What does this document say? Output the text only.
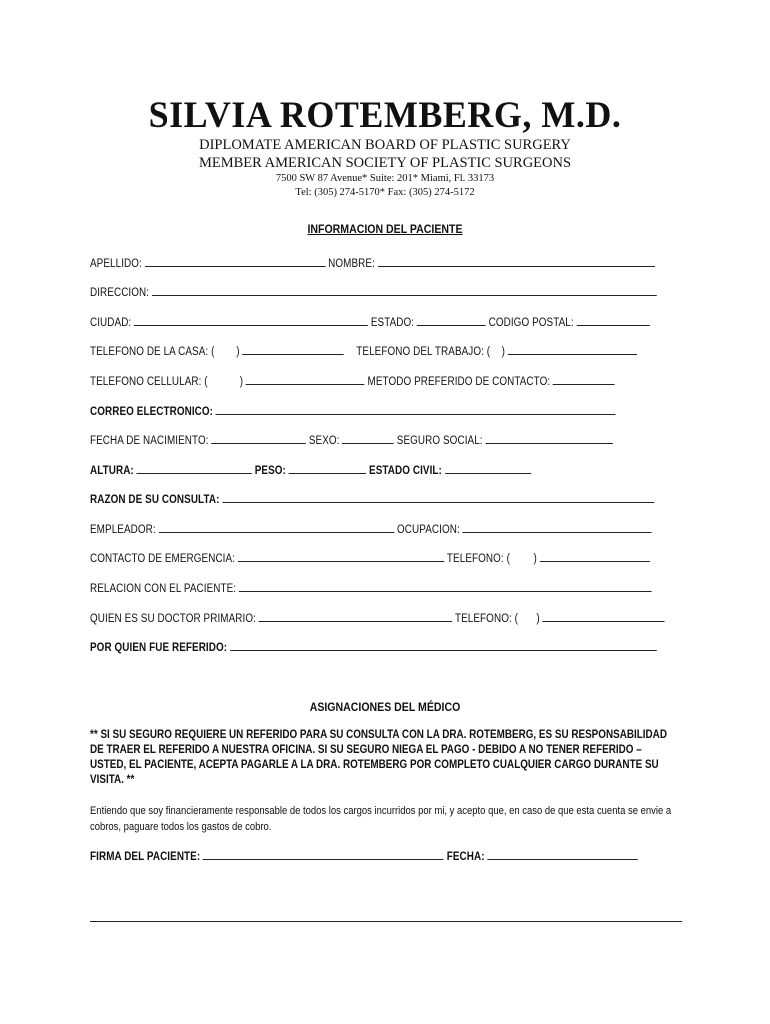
SILVIA ROTEMBERG, M.D.

DIPLOMATE AMERICAN BOARD OF PLASTIC SURGERY

MEMBER AMERICAN SOCIETY OF PLASTIC SURGEONS

7500 SW 87 Avenue* Suite: 201* Miami, Fl. 33173

Tel: (305) 274-5170* Fax: (305) 274-5172

INFORMACION DEL PACIENTE
APELLIDO:	NOMBRE:
DIRECCION:
CIUDAD:	ESTADO:	CODIGO POSTAL:
TELEFONO DE LA CASA: ( )	TELEFONO DEL TRABAJO: ( )
TELEFONO CELLULAR: (	)	METODO PREFERIDO DE CONTACTO:
CORREO ELECTRONICO:
FECHA DE NACIMIENTO:	SEXO:	SEGURO SOCIAL:
ALTURA:	PESO:	ESTADO CIVIL:
RAZON DE SU CONSULTA:
EMPLEADOR:	OCUPACION:
CONTACTO DE EMERGENCIA:	TELEFONO: ( )
RELACION CON EL PACIENTE:
QUIEN ES SU DOCTOR PRIMARIO:	TELEFONO: ( )
POR QUIEN FUE REFERIDO:
ASIGNACIONES DEL MÉDICO
** SI SU SEGURO REQUIERE UN REFERIDO PARA SU CONSULTA CON LA DRA. ROTEMBERG, ES SU RESPONSABILIDAD DE TRAER EL REFERIDO A NUESTRA OFICINA. SI SU SEGURO NIEGA EL PAGO - DEBIDO A NO TENER REFERIDO – USTED, EL PACIENTE, ACEPTA PAGARLE A LA DRA. ROTEMBERG POR COMPLETO CUALQUIER CARGO DURANTE SU VISITA. **
Entiendo que soy financieramente responsable de todos los cargos incurridos por mi, y acepto que, en caso de que esta cuenta se envie a cobros, paguare todos los gastos de cobro.
FIRMA DEL PACIENTE:	FECHA:
